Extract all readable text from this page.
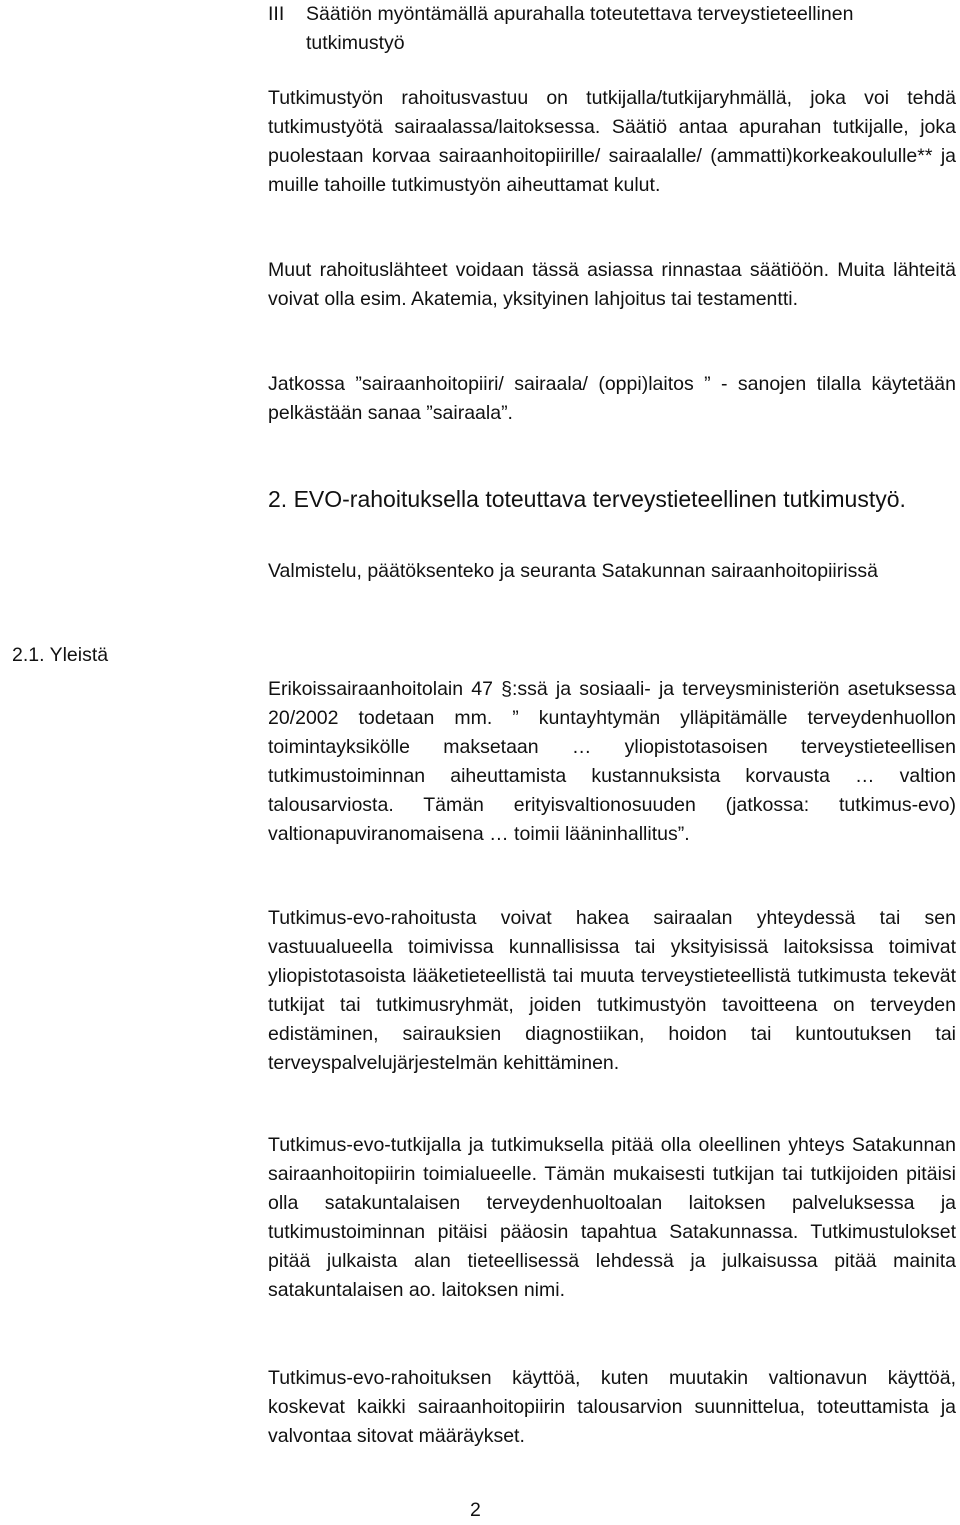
III Säätiön myöntämällä apurahalla toteutettava terveystieteellinen tutkimustyö

Tutkimustyön rahoitusvastuu on tutkijalla/tutkijaryhmällä, joka voi tehdä tutkimustyötä sairaalassa/laitoksessa. Säätiö antaa apurahan tutkijalle, joka puolestaan korvaa sairaanhoitopiirille/ sairaalalle/ (ammatti)korkeakoululle** ja muille tahoille tutkimustyön aiheuttamat kulut.

Muut rahoituslähteet voidaan tässä asiassa rinnastaa säätiöön. Muita lähteitä voivat olla esim. Akatemia, yksityinen lahjoitus tai testamentti.

Jatkossa ”sairaanhoitopiiri/ sairaala/ (oppi)laitos ” - sanojen tilalla käytetään pelkästään sanaa ”sairaala”.

2. EVO-rahoituksella toteuttava terveystieteellinen tutkimustyö.

Valmistelu, päätöksenteko ja seuranta Satakunnan sairaanhoitopiirissä

2.1. Yleistä

Erikoissairaanhoitolain 47 §:ssä ja sosiaali- ja terveysministeriön asetuksessa 20/2002 todetaan mm. ” kuntayhtymän ylläpitämälle terveydenhuollon toimintayksikölle maksetaan … yliopistotasoisen terveystieteellisen tutkimustoiminnan aiheuttamista kustannuksista korvausta … valtion talousarviosta. Tämän erityisvaltionosuuden (jatkossa: tutkimus-evo) valtionapuviranomaisena … toimii lääninhallitus”.

Tutkimus-evo-rahoitusta voivat hakea sairaalan yhteydessä tai sen vastuualueella toimivissa kunnallisissa tai yksityisissä laitoksissa toimivat yliopistotasoista lääketieteellistä tai muuta terveystieteellistä tutkimusta tekevät tutkijat tai tutkimusryhmät, joiden tutkimustyön tavoitteena on terveyden edistäminen, sairauksien diagnostiikan, hoidon tai kuntoutuksen tai terveyspalvelujärjestelmän kehittäminen.

Tutkimus-evo-tutkijalla ja tutkimuksella pitää olla oleellinen yhteys Satakunnan sairaanhoitopiirin toimialueelle. Tämän mukaisesti tutkijan tai tutkijoiden pitäisi olla satakuntalaisen terveydenhuoltoalan laitoksen palveluksessa ja tutkimustoiminnan pitäisi pääosin tapahtua Satakunnassa. Tutkimustulokset pitää julkaista alan tieteellisessä lehdessä ja julkaisussa pitää mainita satakuntalaisen ao. laitoksen nimi.

Tutkimus-evo-rahoituksen käyttöä, kuten muutakin valtionavun käyttöä, koskevat kaikki sairaanhoitopiirin talousarvion suunnittelua, toteuttamista ja valvontaa sitovat määräykset.

2
